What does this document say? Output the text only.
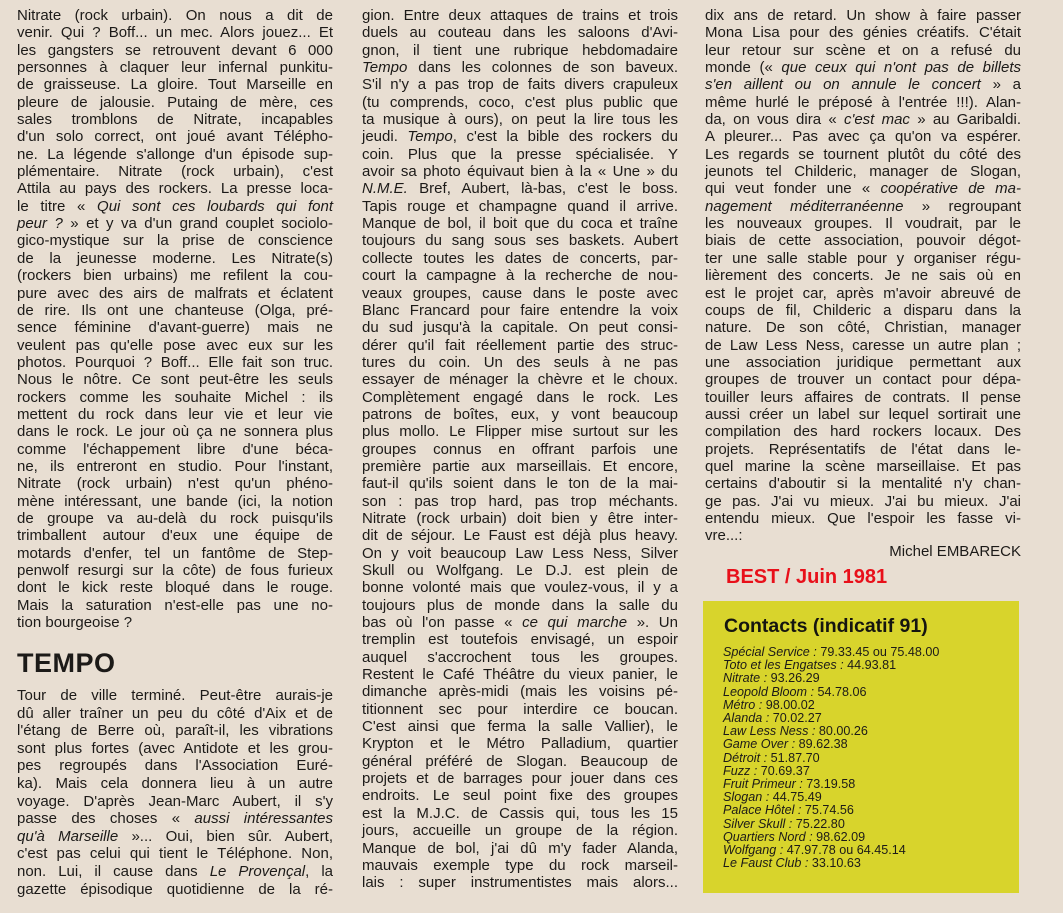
Nitrate (rock urbain). On nous a dit de
venir. Qui ? Boff... un mec. Alors jouez... Et
les gangsters se retrouvent devant 6 000
personnes à claquer leur infernal punkitu-
de graisseuse. La gloire. Tout Marseille en
pleure de jalousie. Putaing de mère, ces
sales tromblons de Nitrate, incapables
d'un solo correct, ont joué avant Télépho-
ne. La légende s'allonge d'un épisode sup-
plémentaire. Nitrate (rock urbain), c'est
Attila au pays des rockers. La presse loca-
le titre « Qui sont ces loubards qui font
peur ? » et y va d'un grand couplet sociolo-
gico-mystique sur la prise de conscience
de la jeunesse moderne. Les Nitrate(s)
(rockers bien urbains) me refilent la cou-
pure avec des airs de malfrats et éclatent
de rire. Ils ont une chanteuse (Olga, pré-
sence féminine d'avant-guerre) mais ne
veulent pas qu'elle pose avec eux sur les
photos. Pourquoi ? Boff... Elle fait son truc.
Nous le nôtre. Ce sont peut-être les seuls
rockers comme les souhaite Michel : ils
mettent du rock dans leur vie et leur vie
dans le rock. Le jour où ça ne sonnera plus
comme l'échappement libre d'une béca-
ne, ils entreront en studio. Pour l'instant,
Nitrate (rock urbain) n'est qu'un phéno-
mène intéressant, une bande (ici, la notion
de groupe va au-delà du rock puisqu'ils
trimballent autour d'eux une équipe de
motards d'enfer, tel un fantôme de Step-
penwolf resurgi sur la côte) de fous furieux
dont le kick reste bloqué dans le rouge.
Mais la saturation n'est-elle pas une no-
tion bourgeoise ?
TEMPO
Tour de ville terminé. Peut-être aurais-je
dû aller traîner un peu du côté d'Aix et de
l'étang de Berre où, paraît-il, les vibrations
sont plus fortes (avec Antidote et les grou-
pes regroupés dans l'Association Euré-
ka). Mais cela donnera lieu à un autre
voyage. D'après Jean-Marc Aubert, il s'y
passe des choses « aussi intéressantes
qu'à Marseille »... Oui, bien sûr. Aubert,
c'est pas celui qui tient le Téléphone. Non,
non. Lui, il cause dans Le Provençal, la
gazette épisodique quotidienne de la ré-
gion. Entre deux attaques de trains et trois
duels au couteau dans les saloons d'Avi-
gnon, il tient une rubrique hebdomadaire
Tempo dans les colonnes de son baveux.
S'il n'y a pas trop de faits divers crapuleux
(tu comprends, coco, c'est plus public que
ta musique à ours), on peut la lire tous les
jeudi. Tempo, c'est la bible des rockers du
coin. Plus que la presse spécialisée. Y
avoir sa photo équivaut bien à la « Une » du
N.M.E. Bref, Aubert, là-bas, c'est le boss.
Tapis rouge et champagne quand il arrive.
Manque de bol, il boit que du coca et traîne
toujours du sang sous ses baskets. Aubert
collecte toutes les dates de concerts, par-
court la campagne à la recherche de nou-
veaux groupes, cause dans le poste avec
Blanc Francard pour faire entendre la voix
du sud jusqu'à la capitale. On peut consi-
dérer qu'il fait réellement partie des struc-
tures du coin. Un des seuls à ne pas
essayer de ménager la chèvre et le choux.
Complètement engagé dans le rock. Les
patrons de boîtes, eux, y vont beaucoup
plus mollo. Le Flipper mise surtout sur les
groupes connus en offrant parfois une
première partie aux marseillais. Et encore,
faut-il qu'ils soient dans le ton de la mai-
son : pas trop hard, pas trop méchants.
Nitrate (rock urbain) doit bien y être inter-
dit de séjour. Le Faust est déjà plus heavy.
On y voit beaucoup Law Less Ness, Silver
Skull ou Wolfgang. Le D.J. est plein de
bonne volonté mais que voulez-vous, il y a
toujours plus de monde dans la salle du
bas où l'on passe « ce qui marche ». Un
tremplin est toutefois envisagé, un espoir
auquel s'accrochent tous les groupes.
Restent le Café Théâtre du vieux panier, le
dimanche après-midi (mais les voisins pé-
titionnent sec pour interdire ce boucan.
C'est ainsi que ferma la salle Vallier), le
Krypton et le Métro Palladium, quartier
général préféré de Slogan. Beaucoup de
projets et de barrages pour jouer dans ces
endroits. Le seul point fixe des groupes
est la M.J.C. de Cassis qui, tous les 15
jours, accueille un groupe de la région.
Manque de bol, j'ai dû m'y fader Alanda,
mauvais exemple type du rock marseil-
lais : super instrumentistes mais alors...
dix ans de retard. Un show à faire passer
Mona Lisa pour des génies créatifs. C'était
leur retour sur scène et on a refusé du
monde (« que ceux qui n'ont pas de billets
s'en aillent ou on annule le concert » a
même hurlé le préposé à l'entrée !!!). Alan-
da, on vous dira « c'est mac » au Garibaldi.
A pleurer... Pas avec ça qu'on va espérer.
Les regards se tournent plutôt du côté des
jeunots tel Childeric, manager de Slogan,
qui veut fonder une « coopérative de ma-
nagement méditerranéenne » regroupant
les nouveaux groupes. Il voudrait, par le
biais de cette association, pouvoir dégot-
ter une salle stable pour y organiser régu-
lièrement des concerts. Je ne sais où en
est le projet car, après m'avoir abreuvé de
coups de fil, Childeric a disparu dans la
nature. De son côté, Christian, manager
de Law Less Ness, caresse un autre plan ;
une association juridique permettant aux
groupes de trouver un contact pour dépa-
touiller leurs affaires de contrats. Il pense
aussi créer un label sur lequel sortirait une
compilation des hard rockers locaux. Des
projets. Représentatifs de l'état dans le-
quel marine la scène marseillaise. Et pas
certains d'aboutir si la mentalité n'y chan-
ge pas. J'ai vu mieux. J'ai bu mieux. J'ai
entendu mieux. Que l'espoir les fasse vi-
vre...:
Michel EMBARECK
BEST / Juin 1981
Contacts (indicatif 91)
Spécial Service : 79.33.45 ou 75.48.00
Toto et les Engatses : 44.93.81
Nitrate : 93.26.29
Leopold Bloom : 54.78.06
Métro : 98.00.02
Alanda : 70.02.27
Law Less Ness : 80.00.26
Game Over : 89.62.38
Détroit : 51.87.70
Fuzz : 70.69.37
Fruit Primeur : 73.19.58
Slogan : 44.75.49
Palace Hôtel : 75.74.56
Silver Skull : 75.22.80
Quartiers Nord : 98.62.09
Wolfgang : 47.97.78 ou 64.45.14
Le Faust Club : 33.10.63
